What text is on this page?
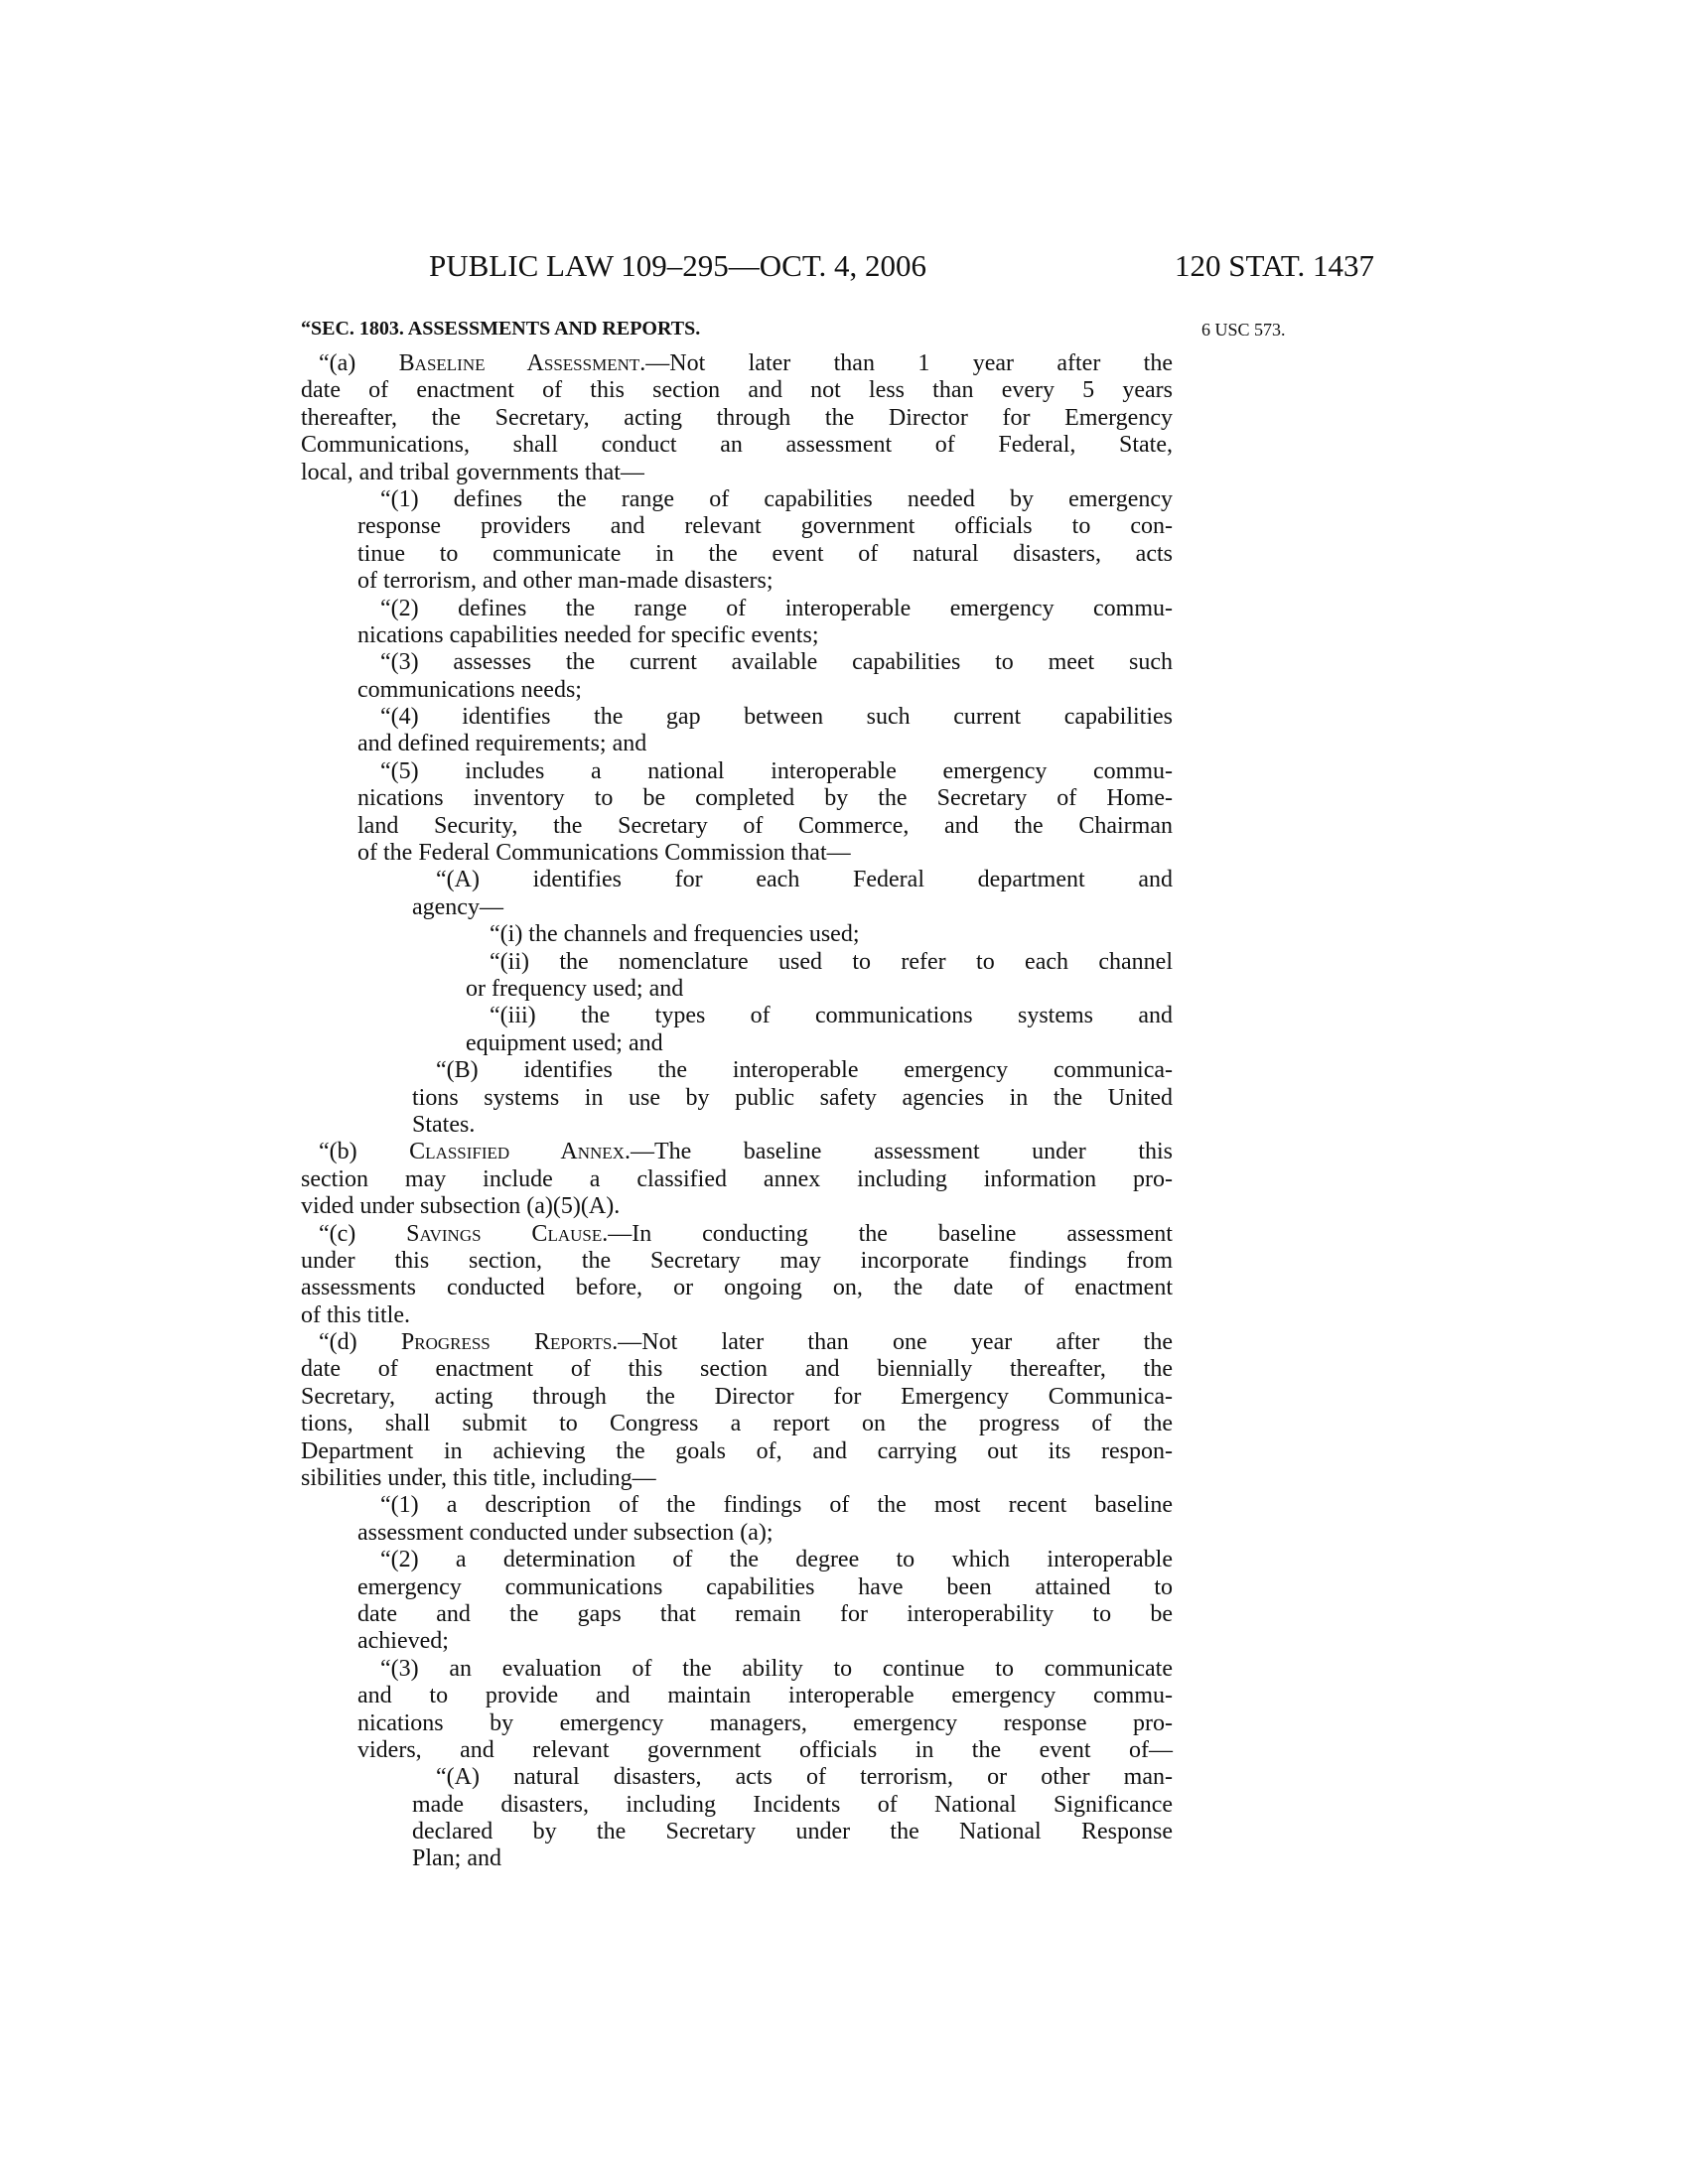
PUBLIC LAW 109–295—OCT. 4, 2006	120 STAT. 1437
“SEC. 1803. ASSESSMENTS AND REPORTS.	6 USC 573.
“(a) Baseline Assessment.—Not later than 1 year after the
date of enactment of this section and not less than every 5 years
thereafter, the Secretary, acting through the Director for Emergency
Communications, shall conduct an assessment of Federal, State,
local, and tribal governments that—
“(1) defines the range of capabilities needed by emergency
response providers and relevant government officials to con-
tinue to communicate in the event of natural disasters, acts
of terrorism, and other man-made disasters;
“(2) defines the range of interoperable emergency commu-
nications capabilities needed for specific events;
“(3) assesses the current available capabilities to meet such
communications needs;
“(4) identifies the gap between such current capabilities
and defined requirements; and
“(5) includes a national interoperable emergency commu-
nications inventory to be completed by the Secretary of Home-
land Security, the Secretary of Commerce, and the Chairman
of the Federal Communications Commission that—
“(A) identifies for each Federal department and
agency—
“(i) the channels and frequencies used;
“(ii) the nomenclature used to refer to each channel
or frequency used; and
“(iii) the types of communications systems and
equipment used; and
“(B) identifies the interoperable emergency communica-
tions systems in use by public safety agencies in the United
States.
“(b) Classified Annex.—The baseline assessment under this
section may include a classified annex including information pro-
vided under subsection (a)(5)(A).
“(c) Savings Clause.—In conducting the baseline assessment
under this section, the Secretary may incorporate findings from
assessments conducted before, or ongoing on, the date of enactment
of this title.
“(d) Progress Reports.—Not later than one year after the
date of enactment of this section and biennially thereafter, the
Secretary, acting through the Director for Emergency Communica-
tions, shall submit to Congress a report on the progress of the
Department in achieving the goals of, and carrying out its respon-
sibilities under, this title, including—
“(1) a description of the findings of the most recent baseline
assessment conducted under subsection (a);
“(2) a determination of the degree to which interoperable
emergency communications capabilities have been attained to
date and the gaps that remain for interoperability to be
achieved;
“(3) an evaluation of the ability to continue to communicate
and to provide and maintain interoperable emergency commu-
nications by emergency managers, emergency response pro-
viders, and relevant government officials in the event of—
“(A) natural disasters, acts of terrorism, or other man-
made disasters, including Incidents of National Significance
declared by the Secretary under the National Response
Plan; and
